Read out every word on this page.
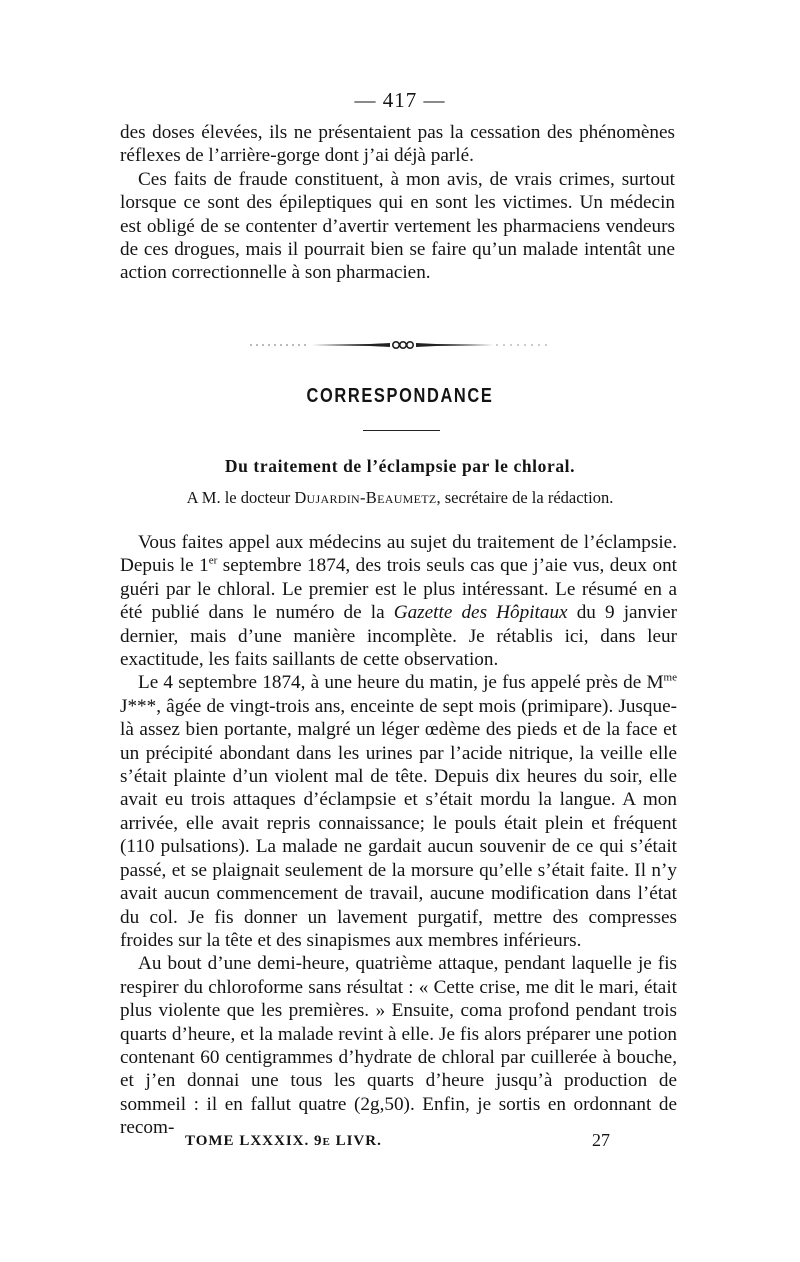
— 417 —

des doses élevées, ils ne présentaient pas la cessation des phénomènes réflexes de l’arrière-gorge dont j’ai déjà parlé.

Ces faits de fraude constituent, à mon avis, de vrais crimes, surtout lorsque ce sont des épileptiques qui en sont les victimes. Un médecin est obligé de se contenter d’avertir vertement les pharmaciens vendeurs de ces drogues, mais il pourrait bien se faire qu’un malade intentât une action correctionnelle à son pharmacien.

CORRESPONDANCE
Du traitement de l’éclampsie par le chloral.
A M. le docteur Dujardin-Beaumetz, secrétaire de la rédaction.

Vous faites appel aux médecins au sujet du traitement de l’éclampsie. Depuis le 1er septembre 1874, des trois seuls cas que j’aie vus, deux ont guéri par le chloral. Le premier est le plus intéressant. Le résumé en a été publié dans le numéro de la Gazette des Hôpitaux du 9 janvier dernier, mais d’une manière incomplète. Je rétablis ici, dans leur exactitude, les faits saillants de cette observation.

Le 4 septembre 1874, à une heure du matin, je fus appelé près de $M^{me}$ J***, âgée de vingt-trois ans, enceinte de sept mois (primipare). Jusque-là assez bien portante, malgré un léger œdème des pieds et de la face et un précipité abondant dans les urines par l’acide nitrique, la veille elle s’était plainte d’un violent mal de tête. Depuis dix heures du soir, elle avait eu trois attaques d’éclampsie et s’était mordu la langue. A mon arrivée, elle avait repris connaissance; le pouls était plein et fréquent (110 pulsations). La malade ne gardait aucun souvenir de ce qui s’était passé, et se plaignait seulement de la morsure qu’elle s’était faite. Il n’y avait aucun commencement de travail, aucune modification dans l’état du col. Je fis donner un lavement purgatif, mettre des compresses froides sur la tête et des sinapismes aux membres inférieurs.

Au bout d’une demi-heure, quatrième attaque, pendant laquelle je fis respirer du chloroforme sans résultat : « Cette crise, me dit le mari, était plus violente que les premières. » Ensuite, coma profond pendant trois quarts d’heure, et la malade revint à elle. Je fis alors préparer une potion contenant 60 centigrammes d’hydrate de chloral par cuillerée à bouche, et j’en donnai une tous les quarts d’heure jusqu’à production de sommeil : il en fallut quatre (2g,50). Enfin, je sortis en ordonnant de recom-

TOME LXXXIX. 9e LIVR.	27
